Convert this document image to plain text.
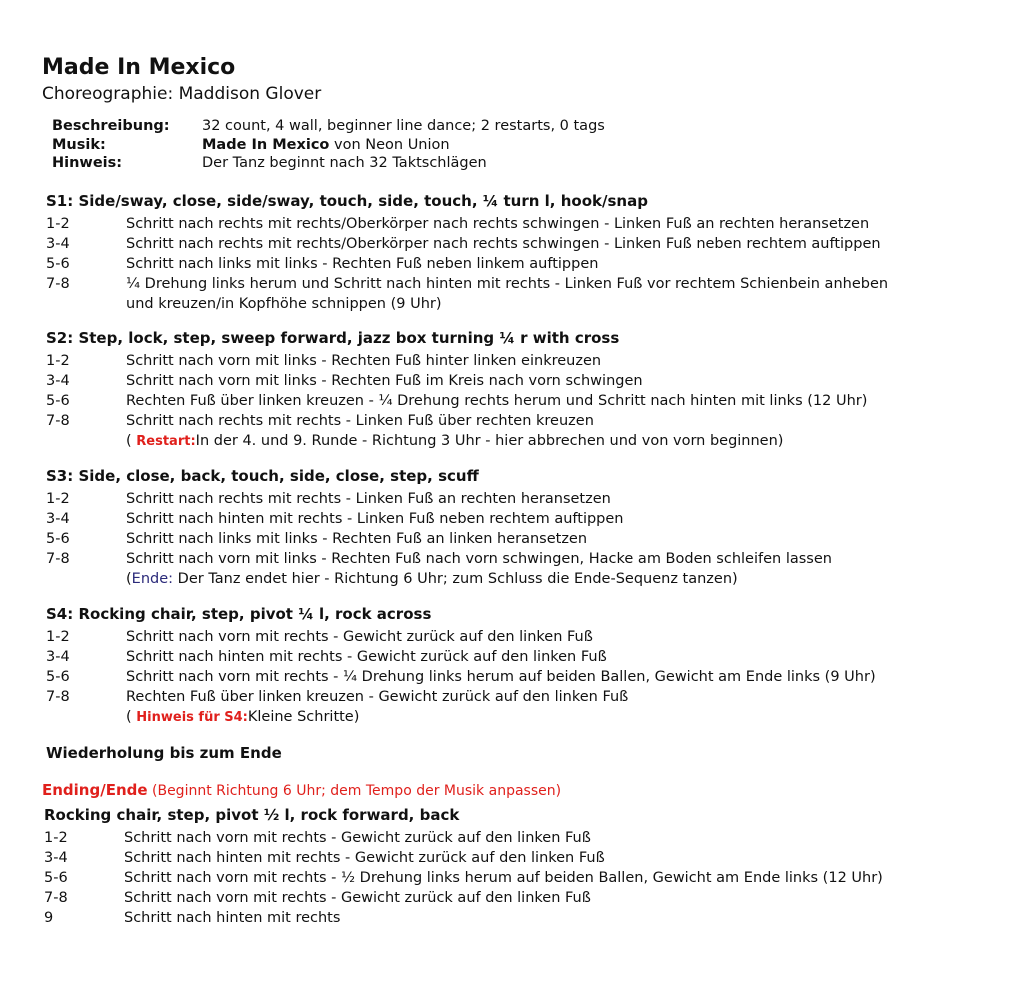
Made In Mexico
Choreographie: Maddison Glover
Beschreibung: 32 count, 4 wall, beginner line dance; 2 restarts, 0 tags
Musik:	Made In Mexico von Neon Union
Hinweis:	Der Tanz beginnt nach 32 Taktschlägen
S1: Side/sway, close, side/sway, touch, side, touch, ¼ turn l, hook/snap
1-2	Schritt nach rechts mit rechts/Oberkörper nach rechts schwingen - Linken Fuß an rechten heransetzen
3-4	Schritt nach rechts mit rechts/Oberkörper nach rechts schwingen - Linken Fuß neben rechtem auftippen
5-6	Schritt nach links mit links - Rechten Fuß neben linkem auftippen
7-8	¼ Drehung links herum und Schritt nach hinten mit rechts - Linken Fuß vor rechtem Schienbein anheben
und kreuzen/in Kopfhöhe schnippen (9 Uhr)
S2: Step, lock, step, sweep forward, jazz box turning ¼ r with cross
1-2	Schritt nach vorn mit links - Rechten Fuß hinter linken einkreuzen
3-4	Schritt nach vorn mit links - Rechten Fuß im Kreis nach vorn schwingen
5-6	Rechten Fuß über linken kreuzen - ¼ Drehung rechts herum und Schritt nach hinten mit links (12 Uhr)
7-8	Schritt nach rechts mit rechts - Linken Fuß über rechten kreuzen
( Restart:In der 4. und 9. Runde - Richtung 3 Uhr - hier abbrechen und von vorn beginnen)
S3: Side, close, back, touch, side, close, step, scuff
1-2	Schritt nach rechts mit rechts - Linken Fuß an rechten heransetzen
3-4	Schritt nach hinten mit rechts - Linken Fuß neben rechtem auftippen
5-6	Schritt nach links mit links - Rechten Fuß an linken heransetzen
7-8	Schritt nach vorn mit links - Rechten Fuß nach vorn schwingen, Hacke am Boden schleifen lassen
(Ende: Der Tanz endet hier - Richtung 6 Uhr; zum Schluss die Ende-Sequenz tanzen)
S4: Rocking chair, step, pivot ¼ l, rock across
1-2	Schritt nach vorn mit rechts - Gewicht zurück auf den linken Fuß
3-4	Schritt nach hinten mit rechts - Gewicht zurück auf den linken Fuß
5-6	Schritt nach vorn mit rechts - ¼ Drehung links herum auf beiden Ballen, Gewicht am Ende links (9 Uhr)
7-8	Rechten Fuß über linken kreuzen - Gewicht zurück auf den linken Fuß
( Hinweis für S4:Kleine Schritte)
Wiederholung bis zum Ende
Ending/Ende (Beginnt Richtung 6 Uhr; dem Tempo der Musik anpassen)
Rocking chair, step, pivot ½ l, rock forward, back
1-2	Schritt nach vorn mit rechts - Gewicht zurück auf den linken Fuß
3-4	Schritt nach hinten mit rechts - Gewicht zurück auf den linken Fuß
5-6	Schritt nach vorn mit rechts - ½ Drehung links herum auf beiden Ballen, Gewicht am Ende links (12 Uhr)
7-8	Schritt nach vorn mit rechts - Gewicht zurück auf den linken Fuß
9	Schritt nach hinten mit rechts
